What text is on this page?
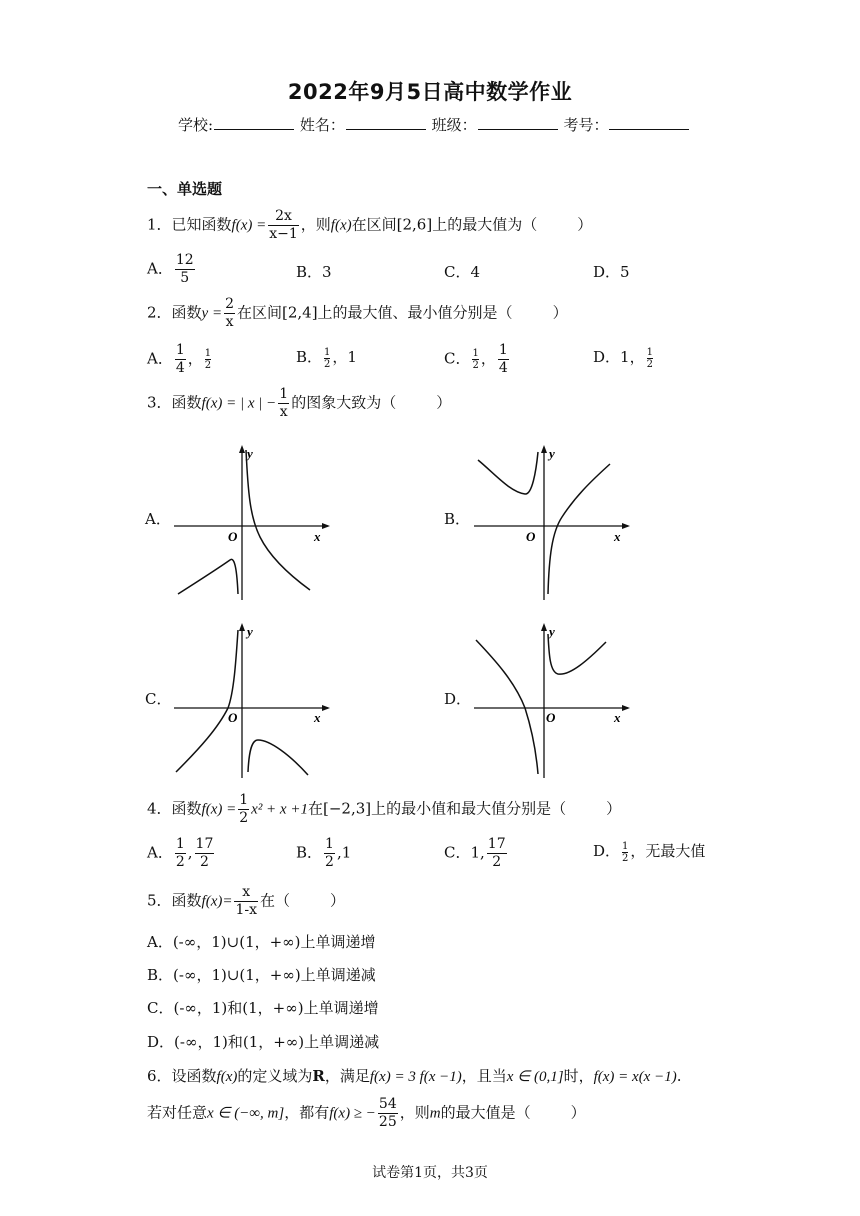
2022年9月5日高中数学作业
学校:	姓名：	班级：	考号：
一、单选题
1．已知函数$f(x) = \frac{2x}{x-1}$ ，则f(x)在区间[2,6]上的最大值为（	）
A． $\frac{12}{5}$	B．3	C．4	D．5
2．函数$y = \frac{2}{x}$ 在区间[2,4]上的最大值、最小值分别是（	）
A． $\frac{1}{4}$ ， $\frac{1}{2}$	B． $\frac{1}{2}$ ，1	C． $\frac{1}{2}$ ， $\frac{1}{4}$	D．1， $\frac{1}{2}$
3．函数f(x) = | x | − $\frac{1}{x}$ 的图象大致为（	）
A．
y
x
O
B．
y
x
O
C．
y
x
O
D．
y
x
O
4．函数$f(x) = \frac{1}{2} x^2 + x +1$在[−2,3]上的最小值和最大值分别是（	）
A． $\frac{1}{2}$ , $\frac{17}{2}$	B． $\frac{1}{2} ,1$	C．1, $\frac{17}{2}$	D． $\frac{1}{2}$ ，无最大值
5．函数$f(x)= \frac{x}{1-x}$ 在（	）
A．(-∞，1)∪(1，+∞)上单调递增
B．(-∞，1)∪(1，+∞)上单调递减
C．(-∞，1)和(1，+∞)上单调递增
D．(-∞，1)和(1，+∞)上单调递减
6．设函数f(x)的定义域为R，满足f(x) = 3 f(x −1)，且当x ∈ (0,1]时，f(x) = x(x −1).
若对任意x ∈ (−∞, m]，都有f(x) ≥ − $\frac{54}{25}$ ，则m的最大值是（	）
试卷第1页，共3页
